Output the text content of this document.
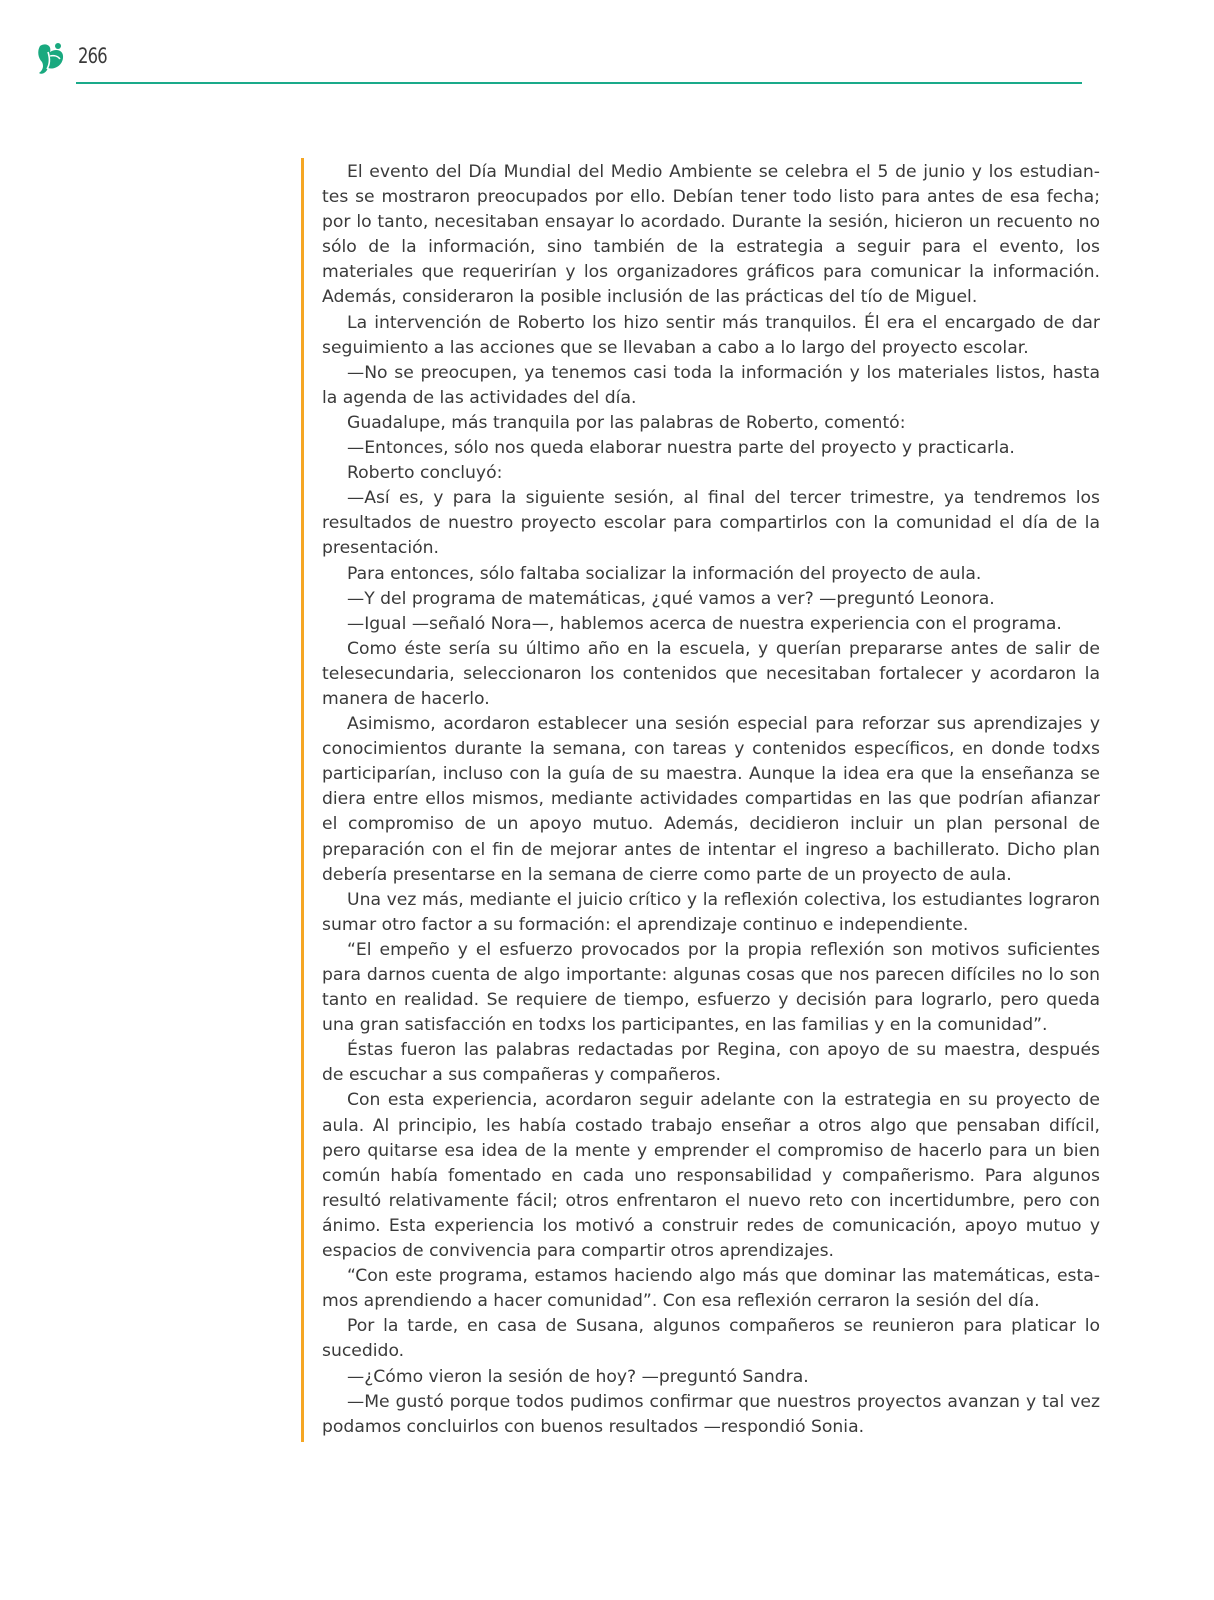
266

El evento del Día Mundial del Medio Ambiente se celebra el 5 de junio y los estudiantes se mostraron preocupados por ello. Debían tener todo listo para antes de esa fecha; por lo tanto, necesitaban ensayar lo acordado. Durante la sesión, hicieron un recuento no sólo de la información, sino también de la estrategia a seguir para el evento, los materiales que requerirían y los organizadores gráficos para comunicar la información. Además, consideraron la posible inclusión de las prácticas del tío de Miguel.

La intervención de Roberto los hizo sentir más tranquilos. Él era el encargado de dar seguimiento a las acciones que se llevaban a cabo a lo largo del proyecto escolar.

—No se preocupen, ya tenemos casi toda la información y los materiales listos, hasta la agenda de las actividades del día.

Guadalupe, más tranquila por las palabras de Roberto, comentó:

—Entonces, sólo nos queda elaborar nuestra parte del proyecto y practicarla.

Roberto concluyó:

—Así es, y para la siguiente sesión, al final del tercer trimestre, ya tendremos los resultados de nuestro proyecto escolar para compartirlos con la comunidad el día de la presentación.

Para entonces, sólo faltaba socializar la información del proyecto de aula.

—Y del programa de matemáticas, ¿qué vamos a ver? —preguntó Leonora.

—Igual —señaló Nora—, hablemos acerca de nuestra experiencia con el programa.

Como éste sería su último año en la escuela, y querían prepararse antes de salir de telesecundaria, seleccionaron los contenidos que necesitaban fortalecer y acordaron la manera de hacerlo.

Asimismo, acordaron establecer una sesión especial para reforzar sus aprendizajes y conocimientos durante la semana, con tareas y contenidos específicos, en donde todxs participarían, incluso con la guía de su maestra. Aunque la idea era que la enseñanza se diera entre ellos mismos, mediante actividades compartidas en las que podrían afianzar el compromiso de un apoyo mutuo. Además, decidieron incluir un plan personal de preparación con el fin de mejorar antes de intentar el ingreso a bachillerato. Dicho plan debería presentarse en la semana de cierre como parte de un proyecto de aula.

Una vez más, mediante el juicio crítico y la reflexión colectiva, los estudiantes lograron sumar otro factor a su formación: el aprendizaje continuo e independiente.

“El empeño y el esfuerzo provocados por la propia reflexión son motivos suficientes para darnos cuenta de algo importante: algunas cosas que nos parecen difíciles no lo son tanto en realidad. Se requiere de tiempo, esfuerzo y decisión para lograrlo, pero queda una gran satisfacción en todxs los participantes, en las familias y en la comunidad”.

Éstas fueron las palabras redactadas por Regina, con apoyo de su maestra, después de escuchar a sus compañeras y compañeros.

Con esta experiencia, acordaron seguir adelante con la estrategia en su proyecto de aula. Al principio, les había costado trabajo enseñar a otros algo que pensaban difícil, pero quitarse esa idea de la mente y emprender el compromiso de hacerlo para un bien común había fomentado en cada uno responsabilidad y compañerismo. Para algunos resultó relativamente fácil; otros enfrentaron el nuevo reto con incertidumbre, pero con ánimo. Esta experiencia los motivó a construir redes de comunicación, apoyo mutuo y espacios de convivencia para compartir otros aprendizajes.

“Con este programa, estamos haciendo algo más que dominar las matemáticas, estamos aprendiendo a hacer comunidad”. Con esa reflexión cerraron la sesión del día.

Por la tarde, en casa de Susana, algunos compañeros se reunieron para platicar lo sucedido.

—¿Cómo vieron la sesión de hoy? —preguntó Sandra.

—Me gustó porque todos pudimos confirmar que nuestros proyectos avanzan y tal vez podamos concluirlos con buenos resultados —respondió Sonia.
